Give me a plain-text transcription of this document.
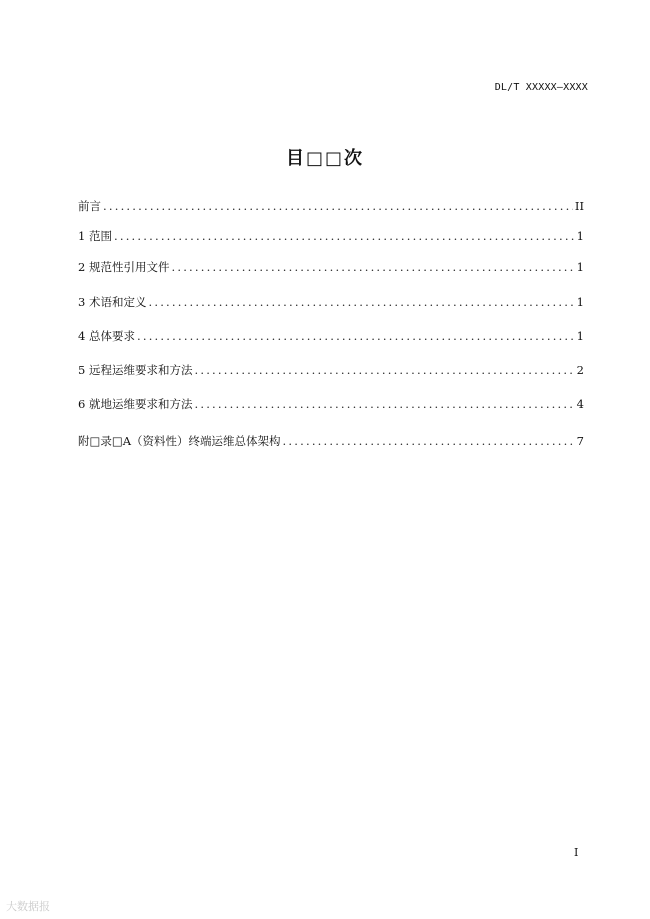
DL/T XXXXX—XXXX
目□□次
前言 .....	II
1 范围 .....	1
2 规范性引用文件 .....	1
3 术语和定义 .....	1
4 总体要求 .....	1
5 远程运维要求和方法 .....	2
6 就地运维要求和方法 .....	4
附□录□A（资料性）终端运维总体架构 .....	7
I
大数据报
